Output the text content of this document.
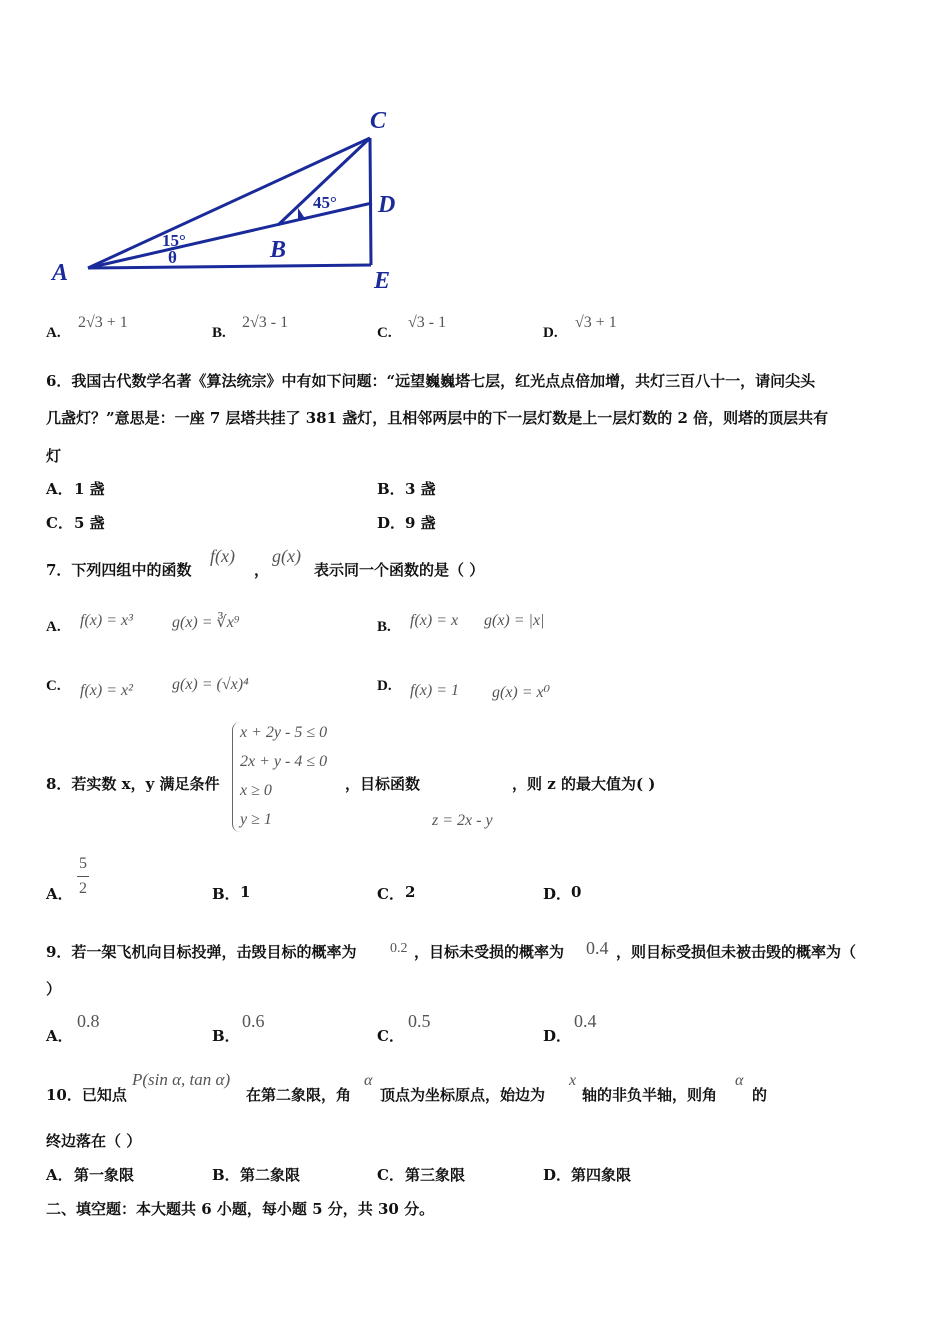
A
B
C
D
E
15°
45°
θ
A.
2√3 + 1
B.
2√3 - 1
C.
√3 - 1
D.
√3 + 1
6．我国古代数学名著《算法统宗》中有如下问题：“远望巍巍塔七层，红光点点倍加增，共灯三百八十一，请问尖头
几盏灯？”意思是：一座 7 层塔共挂了 381 盏灯，且相邻两层中的下一层灯数是上一层灯数的 2 倍，则塔的顶层共有
灯
A． 1 盏	B． 3 盏
C． 5 盏	D． 9 盏
7．下列四组中的函数
f(x)
，
g(x)
表示同一个函数的是（ ）
A. f(x) = x³ g(x) = ∛x⁹	B. f(x) = x g(x) = |x|
C. f(x) = x² g(x) = (√x)⁴	D. f(x) = 1 g(x) = x⁰
8．若实数 x，y 满足条件
x + 2y - 5 ≤ 0
2x + y - 4 ≤ 0
x ≥ 0
y ≥ 1
，目标函数
z = 2x - y
，则 z 的最大值为( )
A．
5
2	B． 1	C． 2	D． 0
9．若一架飞机向目标投弹，击毁目标的概率为 0.2 ，目标未受损的概率为 0.4 ，则目标受损但未被击毁的概率为（
）
A．
0.8
B．
0.6
C．
0.5
D．
0.4
10．已知点
P(sin α, tan α)
在第二象限，角
α
顶点为坐标原点，始边为
x
轴的非负半轴，则角
α
的
终边落在（ ）
A． 第一象限	B． 第二象限	C． 第三象限	D． 第四象限
二、填空题：本大题共 6 小题，每小题 5 分，共 30 分。
